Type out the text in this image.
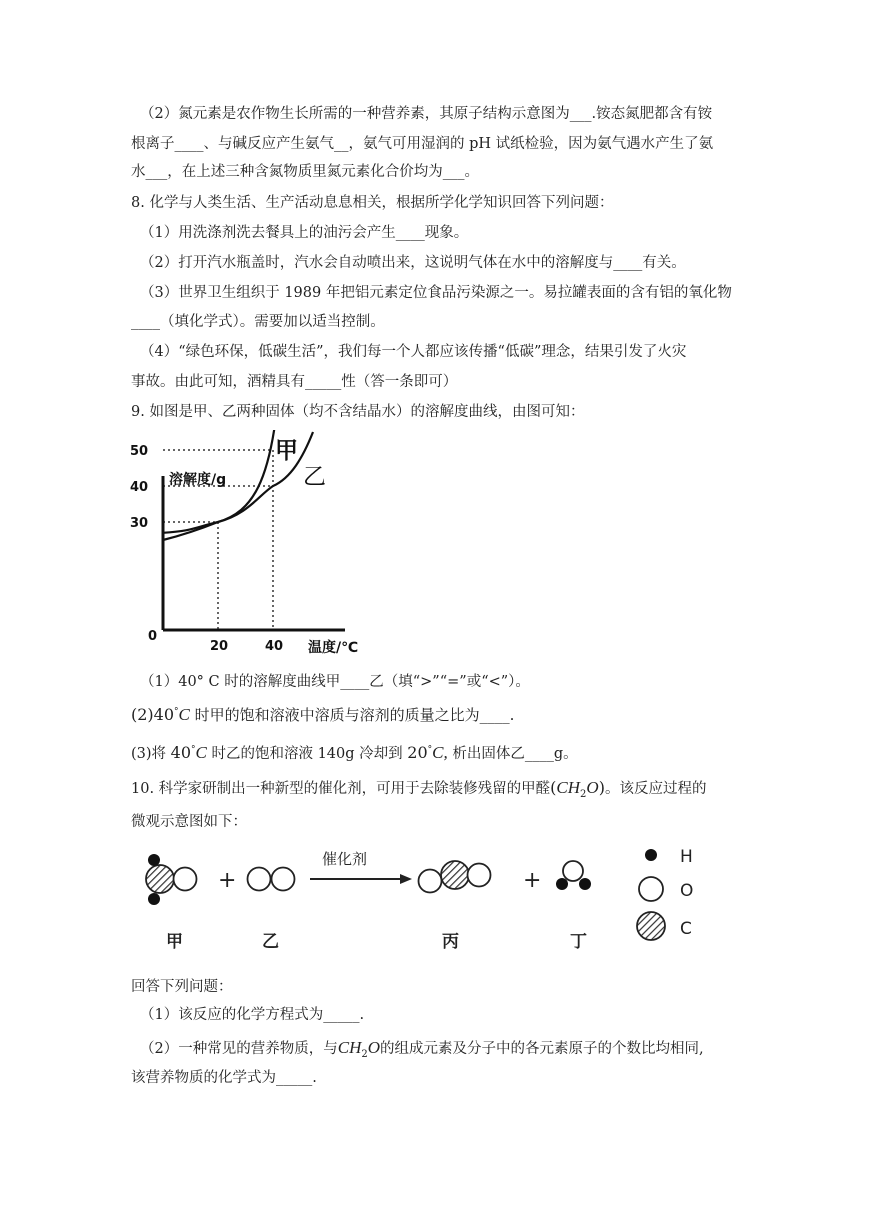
（2）氮元素是农作物生长所需的一种营养素，其原子结构示意图为___.铵态氮肥都含有铵
根离子____、与碱反应产生氨气__，氨气可用湿润的 pH 试纸检验，因为氨气遇水产生了氨
水___，在上述三种含氮物质里氮元素化合价均为___。
8. 化学与人类生活、生产活动息息相关，根据所学化学知识回答下列问题：
（1）用洗涤剂洗去餐具上的油污会产生____现象。
（2）打开汽水瓶盖时，汽水会自动喷出来，这说明气体在水中的溶解度与____有关。
（3）世界卫生组织于 1989 年把铝元素定位食品污染源之一。易拉罐表面的含有铝的氧化物
____（填化学式）。需要加以适当控制。
（4）“绿色环保，低碳生活”，我们每一个人都应该传播“低碳”理念，结果引发了火灾
事故。由此可知，酒精具有_____性（答一条即可）
9. 如图是甲、乙两种固体（均不含结晶水）的溶解度曲线，由图可知：
甲
乙
溶解度/g
温度/℃
0
30
40
50
20	40
（1）40° C 时的溶解度曲线甲____乙（填“>”“=”或“<”）。
(2)40°C 时甲的饱和溶液中溶质与溶剂的质量之比为____.
(3)将 40°C 时乙的饱和溶液 140g 冷却到 20°C, 析出固体乙____g。
10. 科学家研制出一种新型的催化剂，可用于去除装修残留的甲醛$(CH_2O)$。该反应过程的
微观示意图如下：
+
催化剂
+
H
O
C
甲	乙	丙	丁
回答下列问题：
（1）该反应的化学方程式为_____.
（2）一种常见的营养物质，与$CH_2O$的组成元素及分子中的各元素原子的个数比均相同,
该营养物质的化学式为_____.
